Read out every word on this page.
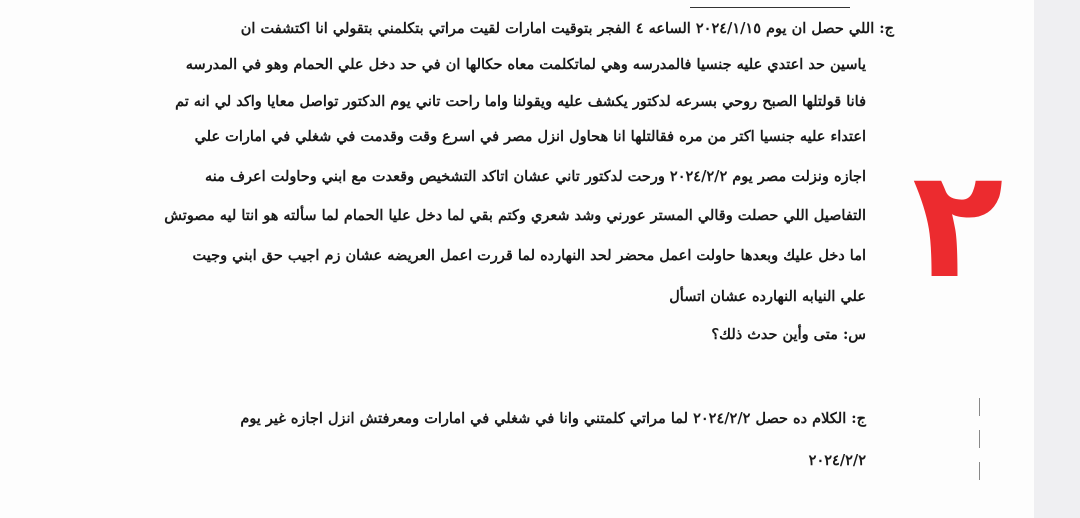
ج: اللي حصل ان يوم ٢٠٢٤/١/١٥ الساعه ٤ الفجر بتوقيت امارات لقيت مراتي بتكلمني بتقولي انا اكتشفت ان
ياسين حد اعتدي عليه جنسيا فالمدرسه وهي لماتكلمت معاه حكالها ان في حد دخل علي الحمام وهو في المدرسه
فانا قولتلها الصبح روحي بسرعه لدكتور يكشف عليه ويقولنا واما راحت تاني يوم الدكتور تواصل معايا واكد لي انه تم
اعتداء عليه جنسيا اكتر من مره فقالتلها انا هحاول انزل مصر في اسرع وقت وقدمت في شغلي في امارات علي
اجازه ونزلت مصر يوم ٢٠٢٤/٢/٢ ورحت لدكتور تاني عشان اتاكد التشخيص وقعدت مع ابني وحاولت اعرف منه
التفاصيل اللي حصلت وقالي المستر عورني وشد شعري وكتم بقي لما دخل عليا الحمام لما سألته هو انتا ليه مصوتش
اما دخل عليك وبعدها حاولت اعمل محضر لحد النهارده لما قررت اعمل العريضه عشان زم اجيب حق ابني وجيت
علي النيابه النهارده عشان اتسأل
س: متى وأين حدث ذلك؟
ج: الكلام ده حصل ٢٠٢٤/٢/٢ لما مراتي كلمتني وانا في شغلي في امارات ومعرفتش انزل اجازه غير يوم
٢٠٢٤/٢/٢
٢
